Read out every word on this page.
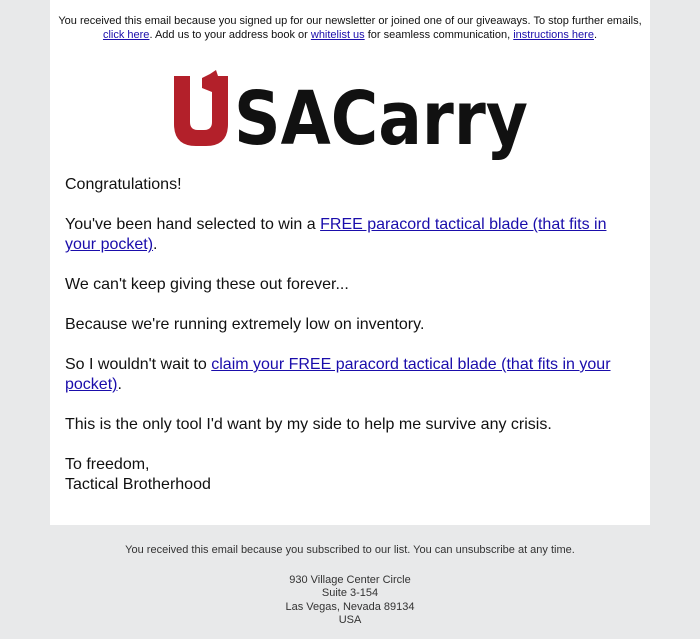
You received this email because you signed up for our newsletter or joined one of our giveaways. To stop further emails, click here. Add us to your address book or whitelist us for seamless communication, instructions here.
SACarry

Congratulations!

You've been hand selected to win a FREE paracord tactical blade (that fits in your pocket).

We can't keep giving these out forever...

Because we're running extremely low on inventory.

So I wouldn't wait to claim your FREE paracord tactical blade (that fits in your pocket).

This is the only tool I'd want by my side to help me survive any crisis.

To freedom,
Tactical Brotherhood

You received this email because you subscribed to our list. You can unsubscribe at any time.
930 Village Center Circle
Suite 3-154
Las Vegas, Nevada 89134
USA
